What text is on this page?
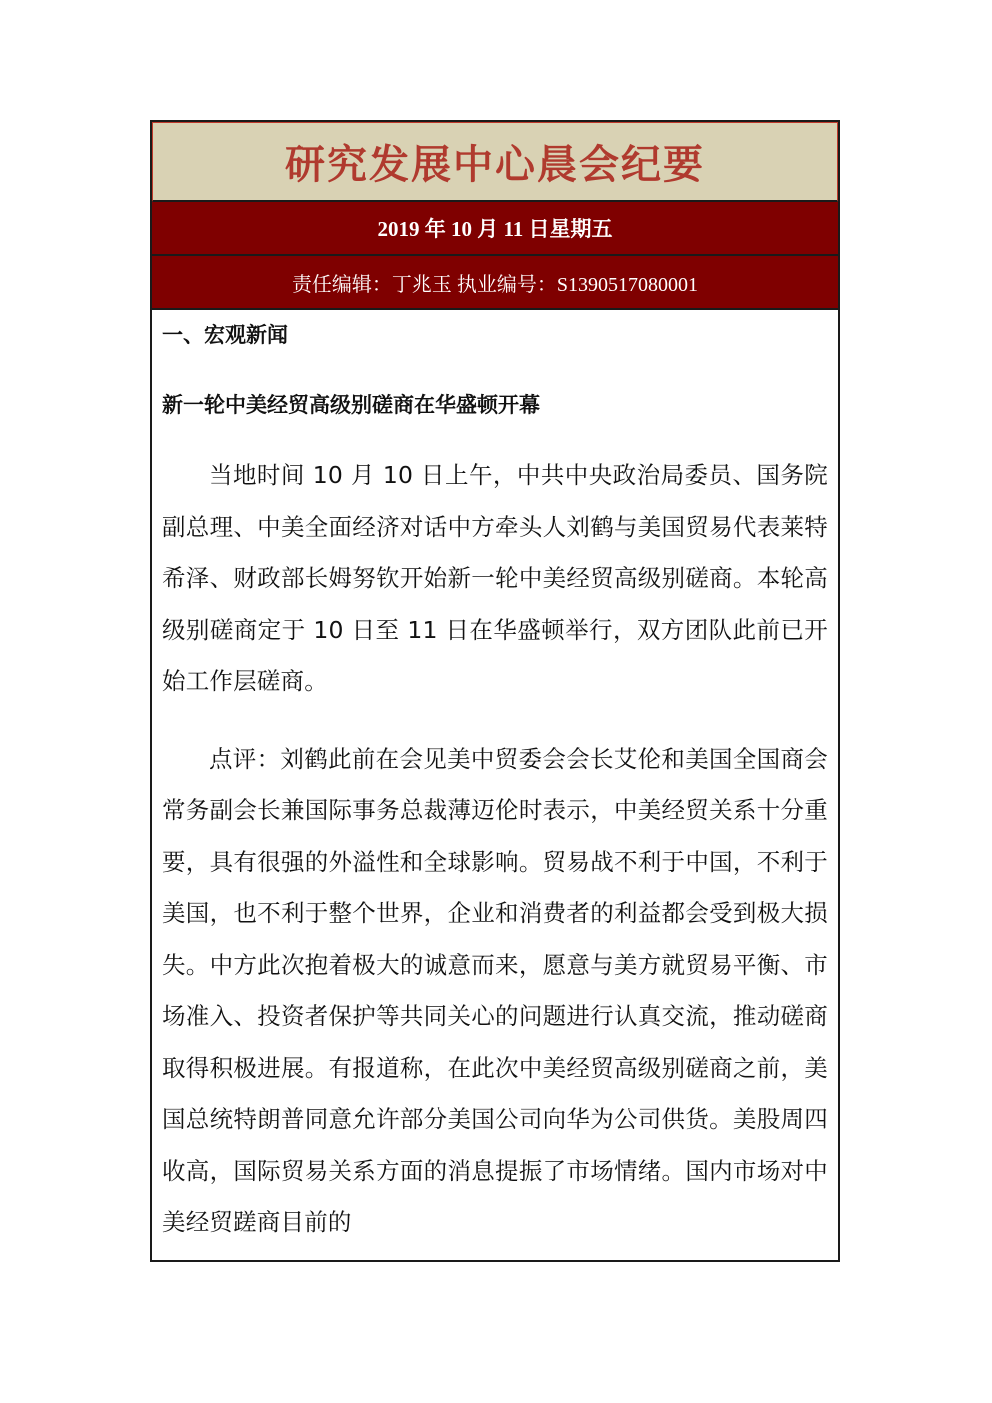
研究发展中心晨会纪要
2019 年 10 月 11 日星期五
责任编辑：丁兆玉 执业编号：S1390517080001
一、宏观新闻
新一轮中美经贸高级别磋商在华盛顿开幕

当地时间 10 月 10 日上午，中共中央政治局委员、国务院副总理、中美全面经济对话中方牵头人刘鹤与美国贸易代表莱特希泽、财政部长姆努钦开始新一轮中美经贸高级别磋商。本轮高级别磋商定于 10 日至 11 日在华盛顿举行，双方团队此前已开始工作层磋商。

点评：刘鹤此前在会见美中贸委会会长艾伦和美国全国商会常务副会长兼国际事务总裁薄迈伦时表示，中美经贸关系十分重要，具有很强的外溢性和全球影响。贸易战不利于中国，不利于美国，也不利于整个世界，企业和消费者的利益都会受到极大损失。中方此次抱着极大的诚意而来，愿意与美方就贸易平衡、市场准入、投资者保护等共同关心的问题进行认真交流，推动磋商取得积极进展。有报道称，在此次中美经贸高级别磋商之前，美国总统特朗普同意允许部分美国公司向华为公司供货。美股周四收高，国际贸易关系方面的消息提振了市场情绪。国内市场对中美经贸蹉商目前的
